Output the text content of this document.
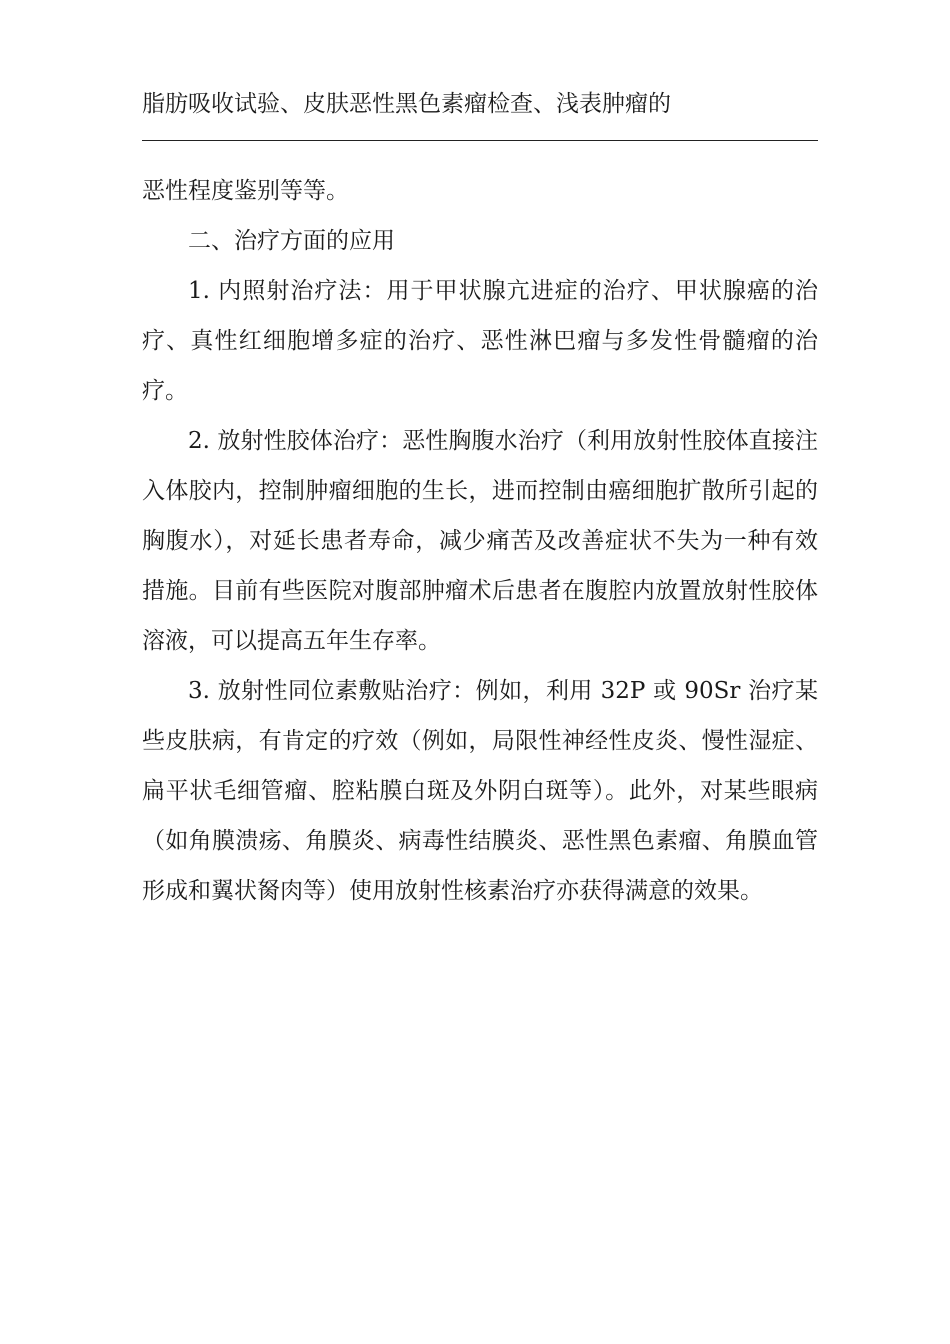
脂肪吸收试验、皮肤恶性黑色素瘤检查、浅表肿瘤的

恶性程度鉴别等等。

二、治疗方面的应用

1. 内照射治疗法：用于甲状腺亢进症的治疗、甲状腺癌的治疗、真性红细胞增多症的治疗、恶性淋巴瘤与多发性骨髓瘤的治疗。

2. 放射性胶体治疗：恶性胸腹水治疗（利用放射性胶体直接注入体胶内，控制肿瘤细胞的生长，进而控制由癌细胞扩散所引起的胸腹水），对延长患者寿命，减少痛苦及改善症状不失为一种有效措施。目前有些医院对腹部肿瘤术后患者在腹腔内放置放射性胶体溶液，可以提高五年生存率。

3. 放射性同位素敷贴治疗：例如，利用 32P 或 90Sr 治疗某些皮肤病，有肯定的疗效（例如，局限性神经性皮炎、慢性湿症、扁平状毛细管瘤、腔粘膜白斑及外阴白斑等）。此外，对某些眼病（如角膜溃疡、角膜炎、病毒性结膜炎、恶性黑色素瘤、角膜血管形成和翼状胬肉等）使用放射性核素治疗亦获得满意的效果。
